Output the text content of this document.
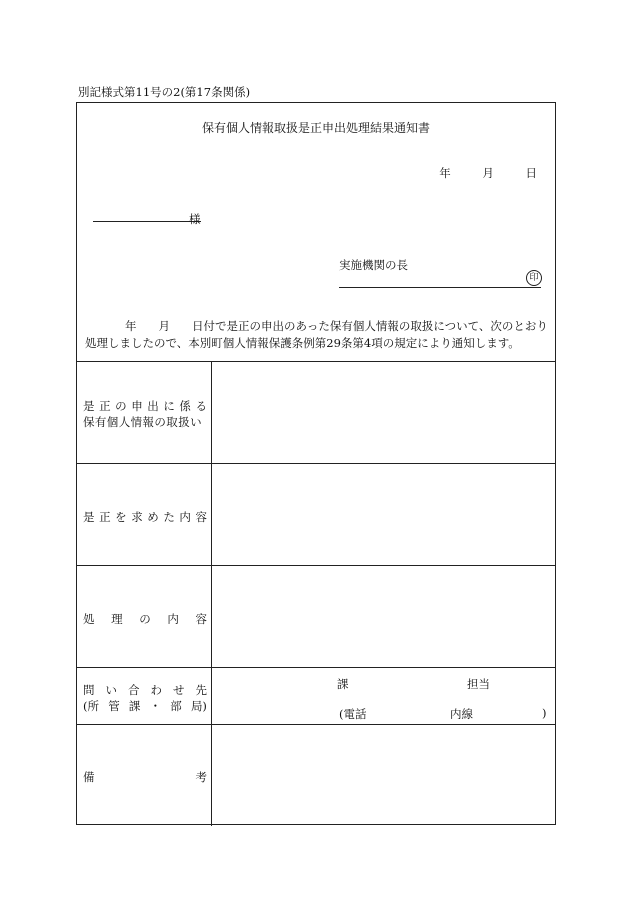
別記様式第11号の2(第17条関係)
保有個人情報取扱是正申出処理結果通知書
年	月	日
様
実施機関の長
印
年 月 日付で是正の申出のあった保有個人情報の取扱について、次のとおり処理しましたので、本別町個人情報保護条例第29条第4項の規定により通知します。
是 正 の 申 出 に 係 る
保有個人情報の取扱い
是 正 を 求 め た 内 容
処 理 の 内 容
問 い 合 わ せ 先
(所 管 課 ・ 部 局)
課	担当
(電話	内線	)
備	考
